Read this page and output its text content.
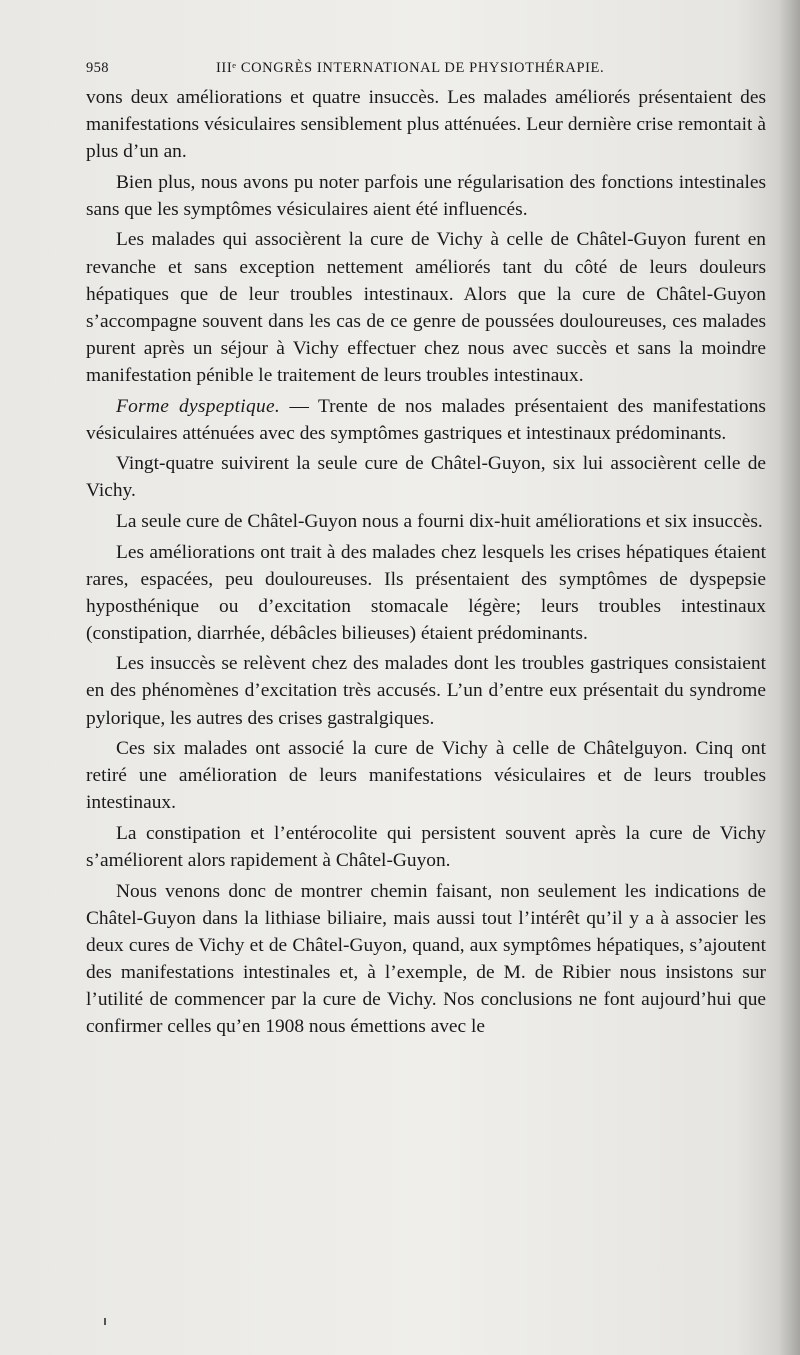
958	IIIᵉ CONGRÈS INTERNATIONAL DE PHYSIOTHÉRAPIE.

vons deux améliorations et quatre insuccès. Les malades améliorés présentaient des manifestations vésiculaires sensiblement plus atténuées. Leur dernière crise remontait à plus d’un an.

Bien plus, nous avons pu noter parfois une régularisation des fonctions intestinales sans que les symptômes vésiculaires aient été influencés.

Les malades qui associèrent la cure de Vichy à celle de Châtel-Guyon furent en revanche et sans exception nettement améliorés tant du côté de leurs douleurs hépatiques que de leur troubles intestinaux. Alors que la cure de Châtel-Guyon s’accompagne souvent dans les cas de ce genre de poussées douloureuses, ces malades purent après un séjour à Vichy effectuer chez nous avec succès et sans la moindre manifestation pénible le traitement de leurs troubles intestinaux.

Forme dyspeptique. — Trente de nos malades présentaient des manifestations vésiculaires atténuées avec des symptômes gastriques et intestinaux prédominants.

Vingt-quatre suivirent la seule cure de Châtel-Guyon, six lui associèrent celle de Vichy.

La seule cure de Châtel-Guyon nous a fourni dix-huit améliorations et six insuccès.

Les améliorations ont trait à des malades chez lesquels les crises hépatiques étaient rares, espacées, peu douloureuses. Ils présentaient des symptômes de dyspepsie hyposthénique ou d’excitation stomacale légère; leurs troubles intestinaux (constipation, diarrhée, débâcles bilieuses) étaient prédominants.

Les insuccès se relèvent chez des malades dont les troubles gastriques consistaient en des phénomènes d’excitation très accusés. L’un d’entre eux présentait du syndrome pylorique, les autres des crises gastralgiques.

Ces six malades ont associé la cure de Vichy à celle de Châtelguyon. Cinq ont retiré une amélioration de leurs manifestations vésiculaires et de leurs troubles intestinaux.

La constipation et l’entérocolite qui persistent souvent après la cure de Vichy s’améliorent alors rapidement à Châtel-Guyon.

Nous venons donc de montrer chemin faisant, non seulement les indications de Châtel-Guyon dans la lithiase biliaire, mais aussi tout l’intérêt qu’il y a à associer les deux cures de Vichy et de Châtel-Guyon, quand, aux symptômes hépatiques, s’ajoutent des manifestations intestinales et, à l’exemple, de M. de Ribier nous insistons sur l’utilité de commencer par la cure de Vichy. Nos conclusions ne font aujourd’hui que confirmer celles qu’en 1908 nous émettions avec le
